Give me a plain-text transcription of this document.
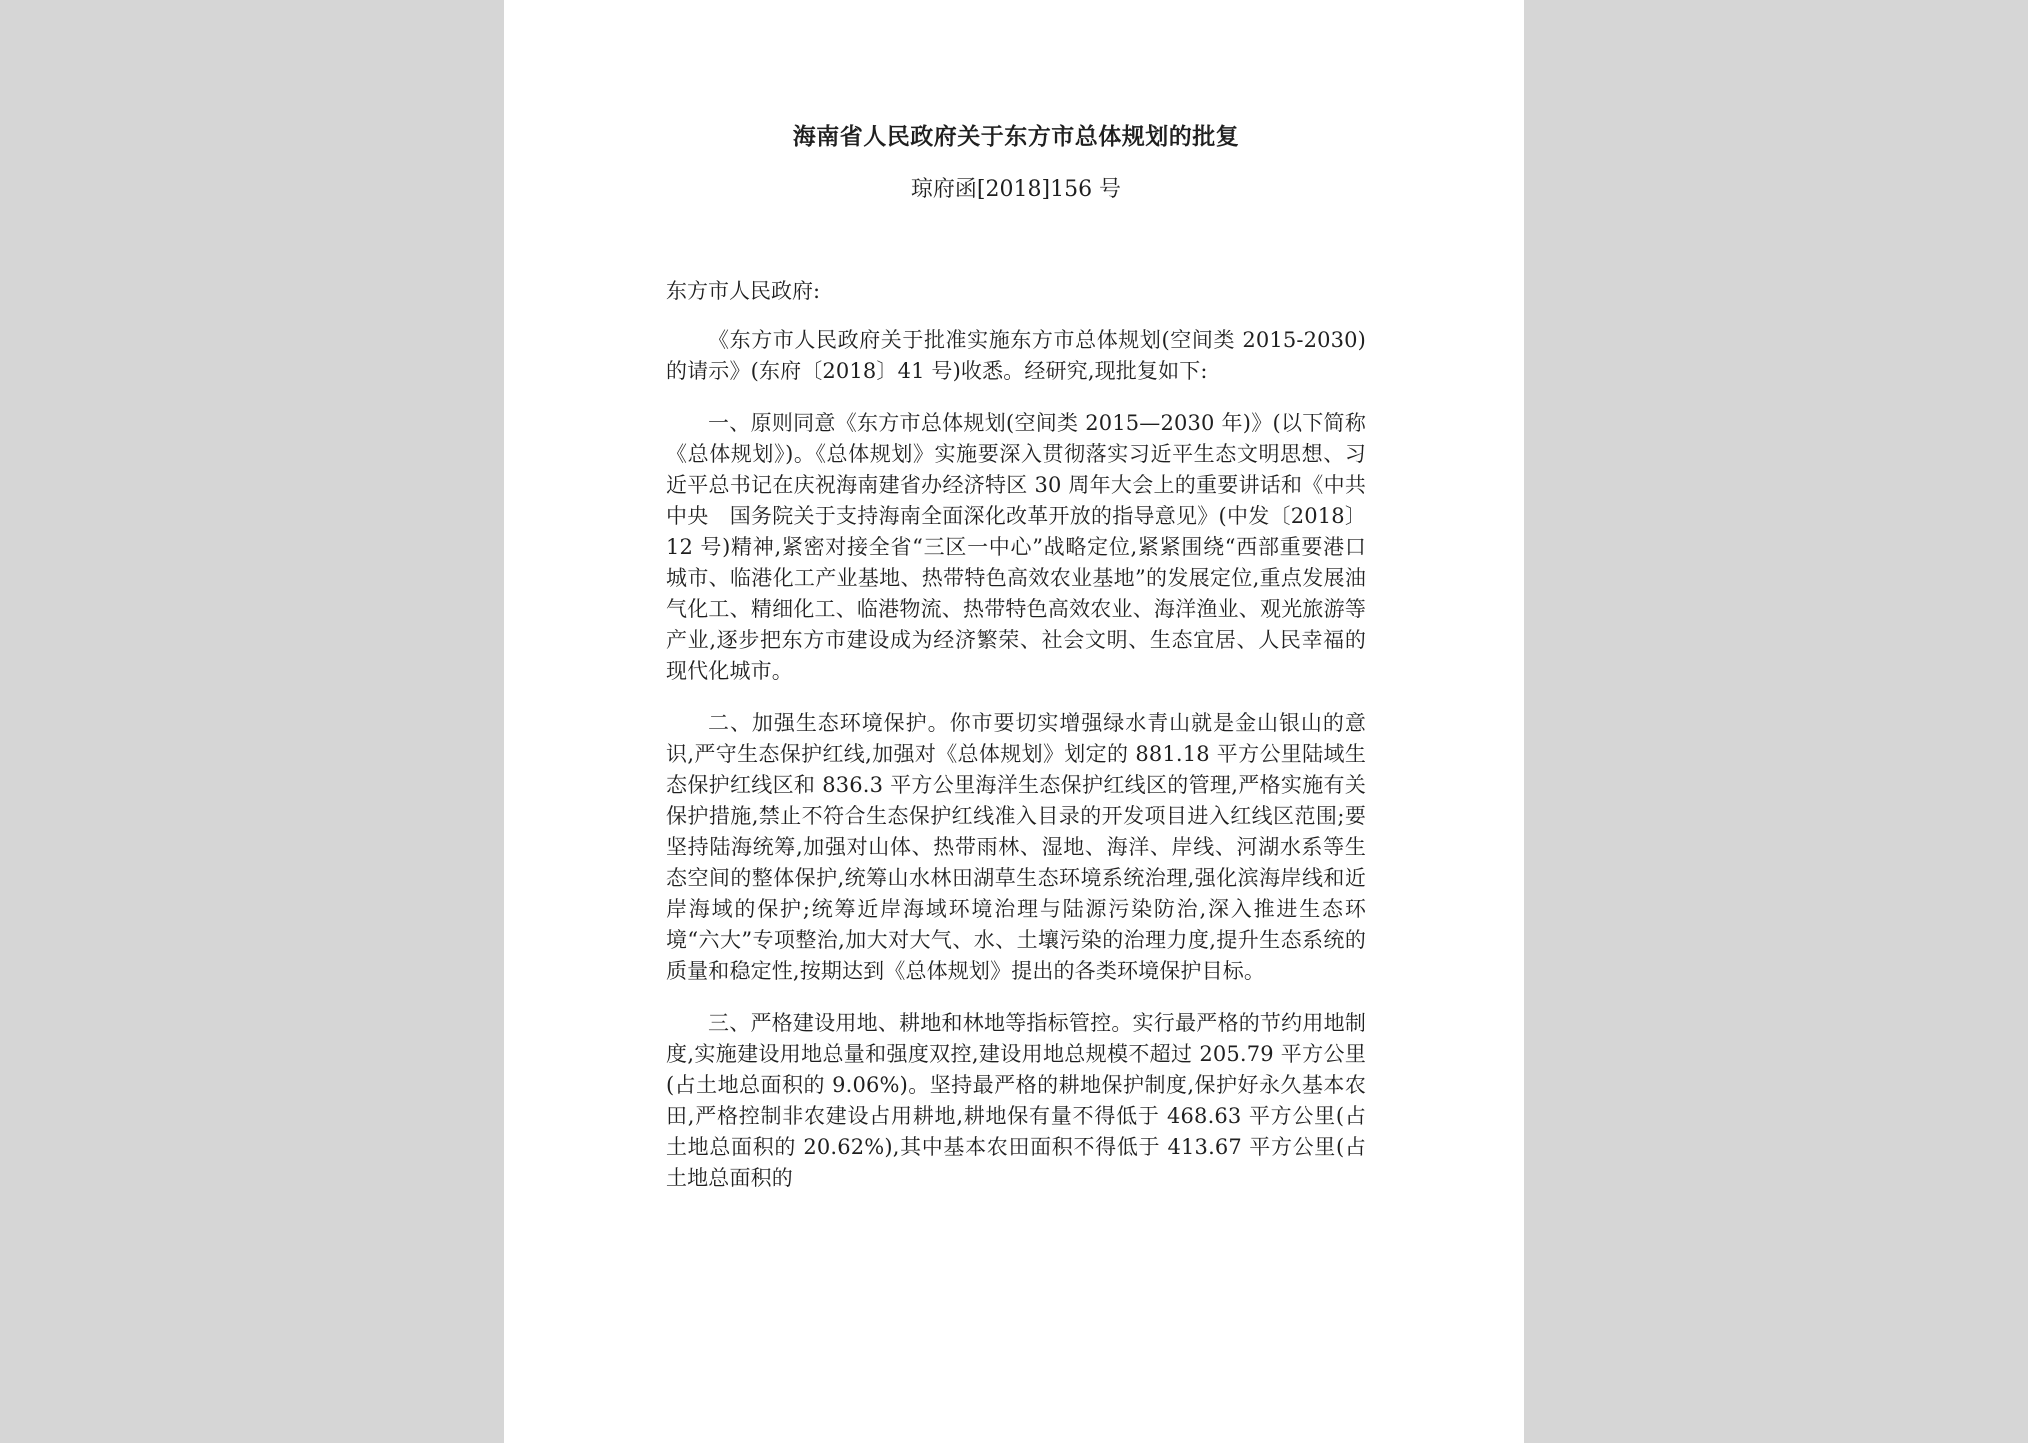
海南省人民政府关于东方市总体规划的批复

琼府函[2018]156 号

东方市人民政府:

《东方市人民政府关于批准实施东方市总体规划(空间类 2015-2030)的请示》(东府〔2018〕41 号)收悉。经研究,现批复如下:

一、原则同意《东方市总体规划(空间类 2015—2030 年)》(以下简称《总体规划》)。《总体规划》实施要深入贯彻落实习近平生态文明思想、习近平总书记在庆祝海南建省办经济特区 30 周年大会上的重要讲话和《中共中央　国务院关于支持海南全面深化改革开放的指导意见》(中发〔2018〕12 号)精神,紧密对接全省“三区一中心”战略定位,紧紧围绕“西部重要港口城市、临港化工产业基地、热带特色高效农业基地”的发展定位,重点发展油气化工、精细化工、临港物流、热带特色高效农业、海洋渔业、观光旅游等产业,逐步把东方市建设成为经济繁荣、社会文明、生态宜居、人民幸福的现代化城市。

二、加强生态环境保护。你市要切实增强绿水青山就是金山银山的意识,严守生态保护红线,加强对《总体规划》划定的 881.18 平方公里陆域生态保护红线区和 836.3 平方公里海洋生态保护红线区的管理,严格实施有关保护措施,禁止不符合生态保护红线准入目录的开发项目进入红线区范围;要坚持陆海统筹,加强对山体、热带雨林、湿地、海洋、岸线、河湖水系等生态空间的整体保护,统筹山水林田湖草生态环境系统治理,强化滨海岸线和近岸海域的保护;统筹近岸海域环境治理与陆源污染防治,深入推进生态环境“六大”专项整治,加大对大气、水、土壤污染的治理力度,提升生态系统的质量和稳定性,按期达到《总体规划》提出的各类环境保护目标。

三、严格建设用地、耕地和林地等指标管控。实行最严格的节约用地制度,实施建设用地总量和强度双控,建设用地总规模不超过 205.79 平方公里(占土地总面积的 9.06%)。坚持最严格的耕地保护制度,保护好永久基本农田,严格控制非农建设占用耕地,耕地保有量不得低于 468.63 平方公里(占土地总面积的 20.62%),其中基本农田面积不得低于 413.67 平方公里(占土地总面积的
